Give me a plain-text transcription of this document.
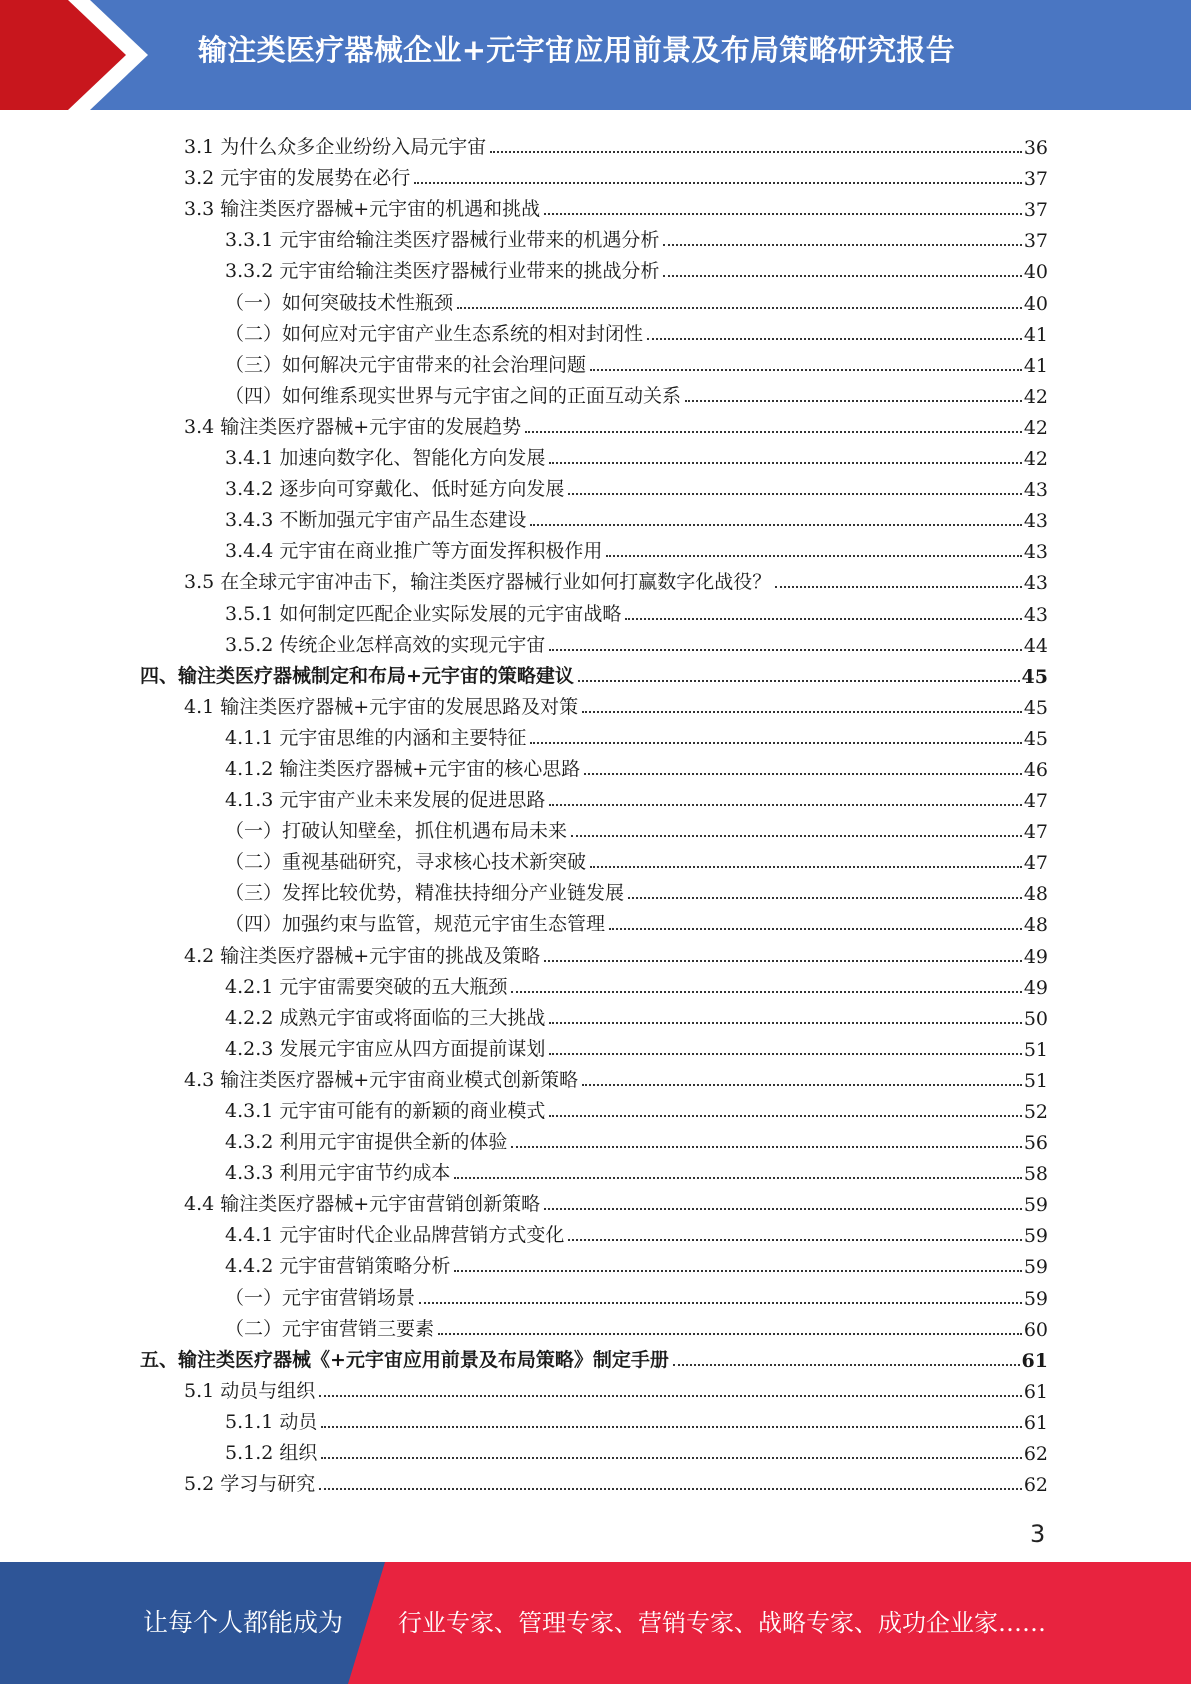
输注类医疗器械企业+元宇宙应用前景及布局策略研究报告
3.1 为什么众多企业纷纷入局元宇宙	36
3.2 元宇宙的发展势在必行	37
3.3 输注类医疗器械+元宇宙的机遇和挑战	37
3.3.1 元宇宙给输注类医疗器械行业带来的机遇分析	37
3.3.2 元宇宙给输注类医疗器械行业带来的挑战分析	40
（一）如何突破技术性瓶颈	40
（二）如何应对元宇宙产业生态系统的相对封闭性	41
（三）如何解决元宇宙带来的社会治理问题	41
（四）如何维系现实世界与元宇宙之间的正面互动关系	42
3.4 输注类医疗器械+元宇宙的发展趋势	42
3.4.1 加速向数字化、智能化方向发展	42
3.4.2 逐步向可穿戴化、低时延方向发展	43
3.4.3 不断加强元宇宙产品生态建设	43
3.4.4 元宇宙在商业推广等方面发挥积极作用	43
3.5 在全球元宇宙冲击下，输注类医疗器械行业如何打赢数字化战役？	43
3.5.1 如何制定匹配企业实际发展的元宇宙战略	43
3.5.2 传统企业怎样高效的实现元宇宙	44
四、输注类医疗器械制定和布局+元宇宙的策略建议	45
4.1 输注类医疗器械+元宇宙的发展思路及对策	45
4.1.1 元宇宙思维的内涵和主要特征	45
4.1.2 输注类医疗器械+元宇宙的核心思路	46
4.1.3 元宇宙产业未来发展的促进思路	47
（一）打破认知壁垒，抓住机遇布局未来	47
（二）重视基础研究，寻求核心技术新突破	47
（三）发挥比较优势，精准扶持细分产业链发展	48
（四）加强约束与监管，规范元宇宙生态管理	48
4.2 输注类医疗器械+元宇宙的挑战及策略	49
4.2.1 元宇宙需要突破的五大瓶颈	49
4.2.2 成熟元宇宙或将面临的三大挑战	50
4.2.3 发展元宇宙应从四方面提前谋划	51
4.3 输注类医疗器械+元宇宙商业模式创新策略	51
4.3.1 元宇宙可能有的新颖的商业模式	52
4.3.2 利用元宇宙提供全新的体验	56
4.3.3 利用元宇宙节约成本	58
4.4 输注类医疗器械+元宇宙营销创新策略	59
4.4.1 元宇宙时代企业品牌营销方式变化	59
4.4.2 元宇宙营销策略分析	59
（一）元宇宙营销场景	59
（二）元宇宙营销三要素	60
五、输注类医疗器械《+元宇宙应用前景及布局策略》制定手册	61
5.1 动员与组织	61
5.1.1 动员	61
5.1.2 组织	62
5.2 学习与研究	62
3
让每个人都能成为 行业专家、管理专家、营销专家、战略专家、成功企业家……
